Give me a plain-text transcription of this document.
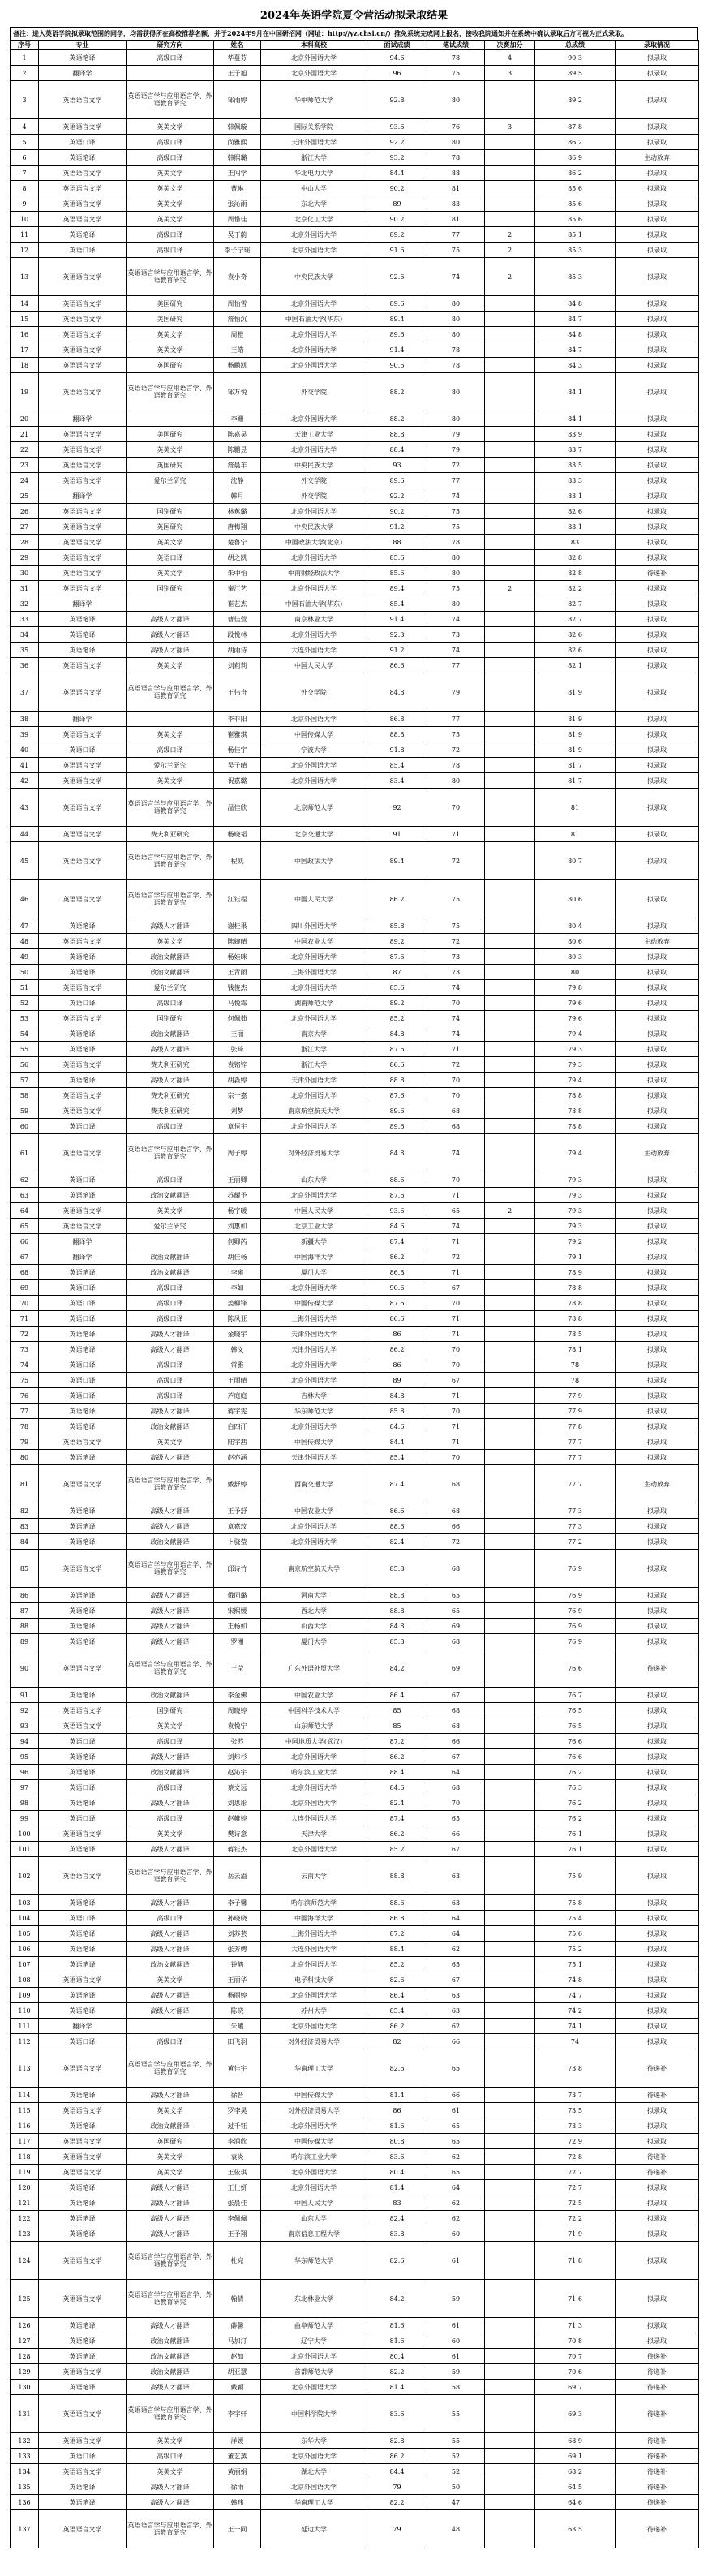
2024年英语学院夏令营活动拟录取结果
备注：进入英语学院拟录取范围的同学，均需获得所在高校推荐名额，并于2024年9月在中国研招网（网址：http://yz.chsi.cn/）推免系统完成网上报名，接收我院通知并在系统中确认录取后方可视为正式录取。
序号	专业	研究方向	姓名	本科高校	面试成绩	笔试成绩	决赛加分	总成绩	录取情况
1	英语笔译	高级口译	华蔓芬	北京外国语大学	94.6	78	4	90.3	拟录取
2	翻译学		王子旭	北京外国语大学	96	75	3	89.5	拟录取
3	英语语言文学	英语语言学与应用语言学、外语教育研究	邹雨婷	华中师范大学	92.8	80		89.2	拟录取
4	英语语言文学	英美文学	韩佩璇	国际关系学院	93.6	76	3	87.8	拟录取
5	英语口译	高级口译	尚雅熙	天津外国语大学	92.2	80		86.2	拟录取
6	英语笔译	高级口译	韩熙璐	浙江大学	93.2	78		86.9	主动放弃
7	英语语言文学	英美文学	王闯学	华北电力大学	84.4	88		86.2	拟录取
8	英语语言文学	英美文学	曹琳	中山大学	90.2	81		85.6	拟录取
9	英语语言文学	英美文学	张沁雨	东北大学	89	83		85.6	拟录取
10	英语语言文学	英美文学	周惜佳	北京化工大学	90.2	81		85.6	拟录取
11	英语笔译	高级口译	吴丁蔚	北京外国语大学	89.2	77	2	85.1	拟录取
12	英语口译	高级口译	李子宁瑶	北京外国语大学	91.6	75	2	85.3	拟录取
13	英语语言文学	英语语言学与应用语言学、外语教育研究	袁小奇	中央民族大学	92.6	74	2	85.3	拟录取
14	英语语言文学	美国研究	周怡雪	北京外国语大学	89.6	80		84.8	拟录取
15	英语语言文学	美国研究	詹怡沉	中国石油大学(华东)	89.4	80		84.7	拟录取
16	英语语言文学	英美文学	周橙	北京外国语大学	89.6	80		84.8	拟录取
17	英语语言文学	英美文学	王皓	北京外国语大学	91.4	78		84.7	拟录取
18	英语语言文学	英国研究	杨鹏凯	北京外国语大学	90.6	78		84.3	拟录取
19	英语语言文学	英语语言学与应用语言学、外语教育研究	邹万悦	外交学院	88.2	80		84.1	拟录取
20	翻译学		李姗	北京外国语大学	88.2	80		84.1	拟录取
21	英语语言文学	美国研究	陈嘉昊	天津工业大学	88.8	79		83.9	拟录取
22	英语语言文学	英美文学	陈鹏昱	北京外国语大学	88.4	79		83.7	拟录取
23	英语语言文学	英国研究	詹晨羊	中央民族大学	93	72		83.5	拟录取
24	英语语言文学	爱尔兰研究	沈静	外交学院	89.6	77		83.3	拟录取
25	翻译学		韩月	外交学院	92.2	74		83.1	拟录取
26	英语语言文学	国别研究	林蕉璐	北京外国语大学	90.2	75		82.6	拟录取
27	英语语言文学	英国研究	唐梅翔	中央民族大学	91.2	75		83.1	拟录取
28	英语语言文学	英美文学	楚鲁宁	中国政法大学(北京)	88	78		83	拟录取
29	英语语言文学	英语口译	胡之凯	北京外国语大学	85.6	80		82.8	拟录取
30	英语语言文学	英美文学	朱中怡	中南财经政法大学	85.6	80		82.8	待递补
31	英语语言文学	国别研究	秦江艺	北京外国语大学	89.4	75	2	82.2	拟录取
32	翻译学		崔艺杰	中国石油大学(华东)	85.4	80		82.7	拟录取
33	英语笔译	高级人才翻译	曹佳萱	南京林业大学	91.4	74		82.7	拟录取
34	英语笔译	高级人才翻译	段悦林	北京外国语大学	92.3	73		82.6	拟录取
35	英语笔译	高级人才翻译	胡雨诗	大连外国语大学	91.2	74		82.6	拟录取
36	英语语言文学	英美文学	刘莉莉	中国人民大学	86.6	77		82.1	拟录取
37	英语语言文学	英语语言学与应用语言学、外语教育研究	王伟舟	外交学院	84.8	79		81.9	拟录取
38	翻译学		李菲阳	北京外国语大学	86.8	77		81.9	拟录取
39	英语语言文学	英美文学	崔雅琪	中国传媒大学	88.8	75		81.9	拟录取
40	英语口译	高级口译	杨佳宇	宁波大学	91.8	72		81.9	拟录取
41	英语语言文学	爱尔兰研究	吴子晴	北京外国语大学	85.4	78		81.7	拟录取
42	英语语言文学	英美文学	祝嘉璐	北京外国语大学	83.4	80		81.7	拟录取
43	英语语言文学	英语语言学与应用语言学、外语教育研究	温佳欣	北京师范大学	92	70		81	拟录取
44	英语语言文学	费夫利亚研究	杨晓韬	北京交通大学	91	71		81	拟录取
45	英语语言文学	英语语言学与应用语言学、外语教育研究	程凯	中国政法大学	89.4	72		80.7	拟录取
46	英语语言文学	英语语言学与应用语言学、外语教育研究	江钰程	中国人民大学	86.2	75		80.6	拟录取
47	英语笔译	高级人才翻译	谢桂果	四川外国语大学	85.8	75		80.4	拟录取
48	英语语言文学	英美文学	陈婉晴	中国农业大学	89.2	72		80.6	主动放弃
49	英语笔译	政治文献翻译	杨娃咪	北京外国语大学	87.6	73		80.3	拟录取
50	英语笔译	政治文献翻译	王青雨	上海外国语大学	87	73		80	拟录取
51	英语语言文学	爱尔兰研究	钱俊杰	北京外国语大学	85.6	74		79.8	拟录取
52	英语口译	高级口译	马悦霖	湖南师范大学	89.2	70		79.6	拟录取
53	英语语言文学	国别研究	何佩茹	北京外国语大学	85.2	74		79.6	拟录取
54	英语笔译	政治文献翻译	王丽	南京大学	84.8	74		79.4	拟录取
55	英语笔译	高级人才翻译	张琦	浙江大学	87.6	71		79.3	拟录取
56	英语语言文学	费夫利亚研究	袁铭锌	浙江大学	86.6	72		79.3	拟录取
57	英语笔译	高级人才翻译	胡淼婷	天津外国语大学	88.8	70		79.4	拟录取
58	英语语言文学	费夫利亚研究	宗一嘉	北京外国语大学	87.6	70		78.8	拟录取
59	英语语言文学	费夫利亚研究	刘梦	南京航空航天大学	89.6	68		78.8	拟录取
60	英语口译	高级口译	章恒宇	北京外国语大学	89.6	68		78.8	拟录取
61	英语语言文学	英语语言学与应用语言学、外语教育研究	周子婷	对外经济贸易大学	84.8	74		79.4	主动放弃
62	英语口译	高级口译	王丽卿	山东大学	88.6	70		79.3	拟录取
63	英语笔译	政治文献翻译	苏耀予	北京外国语大学	87.6	71		79.3	拟录取
64	英语语言文学	英美文学	杨宇暖	中国人民大学	93.6	65	2	79.3	拟录取
65	英语语言文学	爱尔兰研究	刘惠如	北京工业大学	84.6	74		79.3	拟录取
66	翻译学		何卿芮	新疆大学	87.4	71		79.2	拟录取
67	翻译学	政治文献翻译	胡佳杨	中国海洋大学	86.2	72		79.1	拟录取
68	英语笔译	政治文献翻译	李雍	厦门大学	86.8	71		78.9	拟录取
69	英语口译	高级口译	李如	北京外国语大学	90.6	67		78.8	拟录取
70	英语口译	高级口译	姜柳锋	中国传媒大学	87.6	70		78.8	拟录取
71	英语口译	高级口译	陈凤亚	上海外国语大学	86.6	71		78.8	拟录取
72	英语笔译	高级人才翻译	金晓宇	天津外国语大学	86	71		78.5	拟录取
73	英语笔译	高级人才翻译	韩义	天津外国语大学	86.2	70		78.1	拟录取
74	英语口译	高级口译	常雅	北京外国语大学	86	70		78	拟录取
75	英语口译	高级口译	王雨晴	北京外国语大学	89	67		78	拟录取
76	英语口译	高级口译	芦庭庭	吉林大学	84.8	71		77.9	拟录取
77	英语笔译	高级人才翻译	蒋宇雯	华东师范大学	85.8	70		77.9	拟录取
78	英语笔译	政治文献翻译	白四汗	北京外国语大学	84.6	71		77.8	拟录取
79	英语语言文学	英美文学	陆宇茜	中国传媒大学	84.4	71		77.7	拟录取
80	英语笔译	高级人才翻译	赵亦涵	天津外国语大学	85.4	70		77.7	拟录取
81	英语语言文学	英语语言学与应用语言学、外语教育研究	戴舒婷	西南交通大学	87.4	68		77.7	主动放弃
82	英语笔译	高级人才翻译	王予舒	中国农业大学	86.6	68		77.3	拟录取
83	英语笔译	高级人才翻译	章嘉玟	北京外国语大学	88.6	66		77.3	拟录取
84	英语笔译	政治文献翻译	卜骁莹	北京外国语大学	82.4	72		77.2	拟录取
85	英语语言文学	英语语言学与应用语言学、外语教育研究	邱诗竹	南京航空航天大学	85.8	68		76.9	拟录取
86	英语笔译	高级人才翻译	俄同璐	河南大学	88.8	65		76.9	拟录取
87	英语笔译	高级人才翻译	宋熙媛	西北大学	88.8	65		76.9	拟录取
88	英语笔译	高级人才翻译	王杨如	山西大学	84.8	69		76.9	拟录取
89	英语笔译	高级人才翻译	罗湘	厦门大学	85.8	68		76.9	拟录取
90	英语语言文学	英语语言学与应用语言学、外语教育研究	王莹	广东外语外贸大学	84.2	69		76.6	待递补
91	英语笔译	政治文献翻译	李金佛	中国农业大学	86.4	67		76.7	拟录取
92	英语语言文学	国别研究	周晓婷	中国科学技术大学	85	68		76.5	拟录取
93	英语语言文学	英美文学	袁悦宁	山东师范大学	85	68		76.5	拟录取
94	英语口译	高级口译	张苏	中国地质大学(武汉)	87.2	66		76.6	拟录取
95	英语笔译	高级人才翻译	刘炜杉	北京外国语大学	86.2	67		76.6	拟录取
96	英语笔译	政治文献翻译	赵沁宇	哈尔滨工业大学	88.4	64		76.2	拟录取
97	英语口译	高级口译	蔡文远	北京外国语大学	84.6	68		76.3	拟录取
98	英语笔译	高级人才翻译	刘思彤	北京外国语大学	82.4	70		76.2	拟录取
99	英语口译	高级口译	赵帷婷	大连外国语大学	87.4	65		76.2	拟录取
100	英语语言文学	英美文学	樊诗意	天津大学	86.2	66		76.1	拟录取
101	英语笔译	高级人才翻译	蒋钰杰	北京外国语大学	85.2	67		76.1	拟录取
102	英语语言文学	英语语言学与应用语言学、外语教育研究	岳云溢	云南大学	88.8	63		75.9	拟录取
103	英语笔译	高级人才翻译	李子馨	哈尔滨师范大学	88.6	63		75.8	拟录取
104	英语口译	高级口译	孙晓晓	中国海洋大学	86.8	64		75.4	拟录取
105	英语笔译	高级人才翻译	刘苏芸	上海外国语大学	87.2	64		75.6	拟录取
106	英语笔译	高级人才翻译	张芳娉	大连外国语大学	88.4	62		75.2	拟录取
107	英语笔译	政治文献翻译	钟鹤	北京外国语大学	85.2	65		75.1	拟录取
108	英语语言文学	英美文学	王丽华	电子科技大学	82.6	67		74.8	拟录取
109	英语笔译	高级人才翻译	杨丽婷	北京外国语大学	86.4	63		74.7	拟录取
110	英语笔译	高级人才翻译	陈晓	苏州大学	85.4	63		74.2	拟录取
111	翻译学		朱曦	北京外国语大学	86.2	62		74.1	拟录取
112	英语口译	高级口译	田飞羽	对外经济贸易大学	82	66		74	拟录取
113	英语语言文学	英语语言学与应用语言学、外语教育研究	黄佳宇	华南理工大学	82.6	65		73.8	待递补
114	英语笔译	高级人才翻译	徐晋	中国传媒大学	81.4	66		73.7	待递补
115	英语语言文学	英美文学	罗李昊	对外经济贸易大学	86	61		73.5	拟录取
116	英语笔译	政治文献翻译	过千钰	北京外国语大学	81.6	65		73.3	拟录取
117	英语语言文学	英国研究	李润欣	中国传媒大学	80.8	65		72.9	拟录取
118	英语语言文学	英美文学	袁炎	哈尔滨工业大学	83.6	62		72.8	待递补
119	英语语言文学	英美文学	王依琪	北京外国语大学	80.4	65		72.7	待递补
120	英语笔译	高级人才翻译	王仕妍	北京外国语大学	81.4	64		72.7	拟录取
121	英语笔译	高级人才翻译	张晨佳	中国人民大学	83	62		72.5	拟录取
122	英语笔译	高级人才翻译	李佩佩	山东大学	82.4	62		72.2	拟录取
123	英语笔译	高级人才翻译	王予翔	南京信息工程大学	83.8	60		71.9	拟录取
124	英语语言文学	英语语言学与应用语言学、外语教育研究	杜宛	华东师范大学	82.6	61		71.8	拟录取
125	英语语言文学	英语语言学与应用语言学、外语教育研究	翰倩	东北林业大学	84.2	59		71.6	拟录取
126	英语笔译	高级人才翻译	薛馨	曲阜师范大学	81.6	61		71.3	拟录取
127	英语笔译	政治文献翻译	马加汀	辽宁大学	81.6	60		70.8	拟录取
128	英语笔译	政治文献翻译	赵喆	北京外国语大学	80.4	61		70.7	待递补
129	英语语言文学	政治文献翻译	胡亚慧	首都师范大学	82.2	59		70.6	待递补
130	英语笔译	高级人才翻译	戴颖	北京外国语大学	81.4	58		69.7	待递补
131	英语语言文学	英语语言学与应用语言学、外语教育研究	李宇轩	中国科学院大学	83.6	55		69.3	待递补
132	英语语言文学	英美文学	洋媛	东华大学	82.8	55		68.9	待递补
133	英语口译	高级口译	董艺蒸	北京外国语大学	86.2	52		69.1	待递补
134	英语语言文学	英美文学	黄丽娟	湖北大学	84.4	52		68.2	待递补
135	英语笔译	高级人才翻译	徐雨	北京外国语大学	79	50		64.5	待递补
136	英语笔译	高级人才翻译	韩玮	华南理工大学	82.2	47		64.6	待递补
137	英语语言文学	英语语言学与应用语言学、外语教育研究	王一同	延边大学	79	48		63.5	待递补
